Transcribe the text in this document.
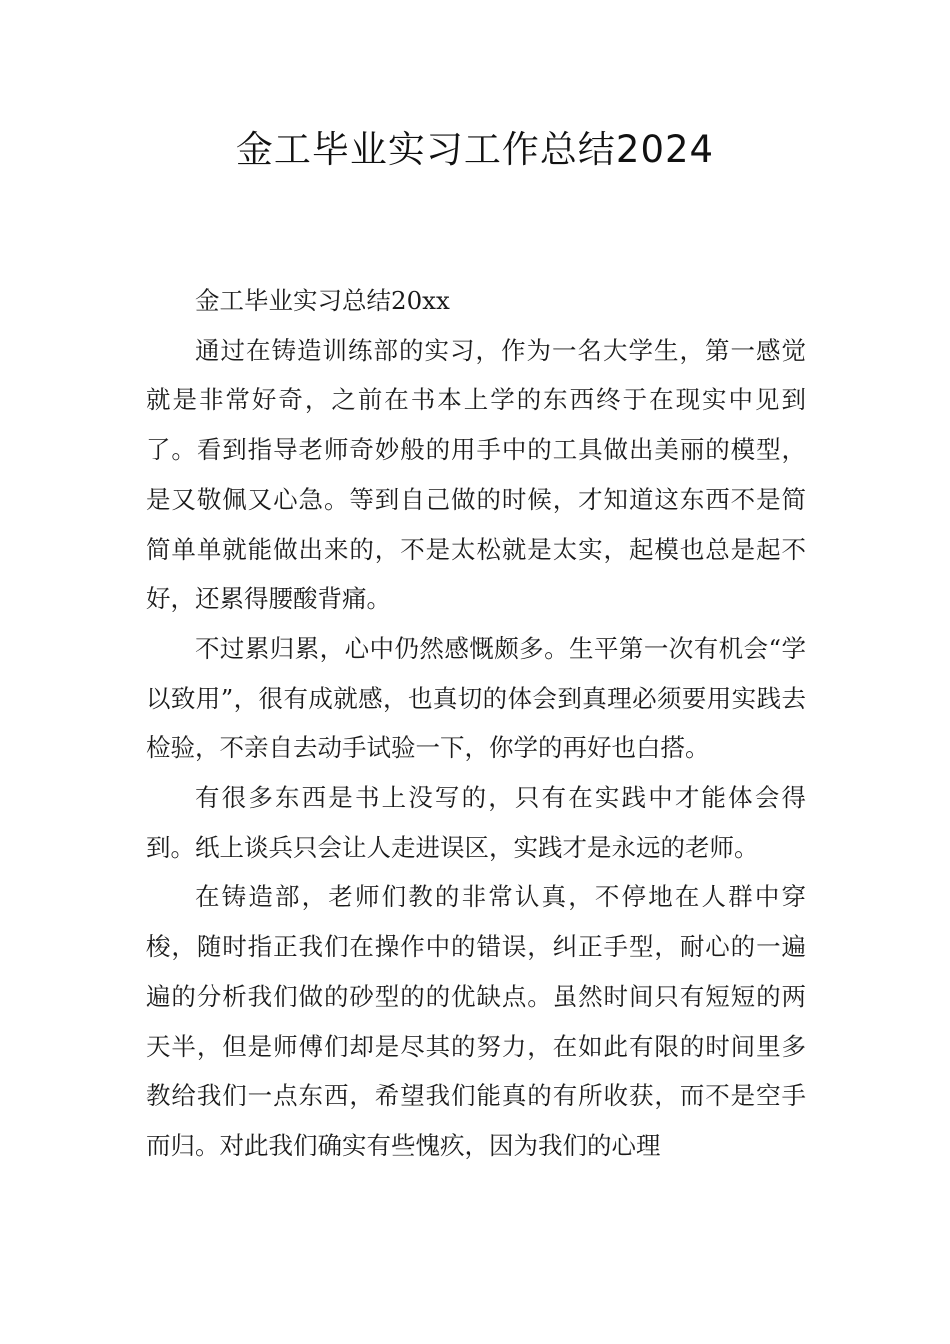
金工毕业实习工作总结2024

金工毕业实习总结20xx

通过在铸造训练部的实习，作为一名大学生，第一感觉就是非常好奇，之前在书本上学的东西终于在现实中见到了。看到指导老师奇妙般的用手中的工具做出美丽的模型，是又敬佩又心急。等到自己做的时候，才知道这东西不是简简单单就能做出来的，不是太松就是太实，起模也总是起不好，还累得腰酸背痛。

不过累归累，心中仍然感慨颇多。生平第一次有机会“学以致用”，很有成就感，也真切的体会到真理必须要用实践去检验，不亲自去动手试验一下，你学的再好也白搭。

有很多东西是书上没写的，只有在实践中才能体会得到。纸上谈兵只会让人走进误区，实践才是永远的老师。

在铸造部，老师们教的非常认真，不停地在人群中穿梭，随时指正我们在操作中的错误，纠正手型，耐心的一遍遍的分析我们做的砂型的的优缺点。虽然时间只有短短的两天半，但是师傅们却是尽其的努力，在如此有限的时间里多教给我们一点东西，希望我们能真的有所收获，而不是空手而归。对此我们确实有些愧疚，因为我们的心理
